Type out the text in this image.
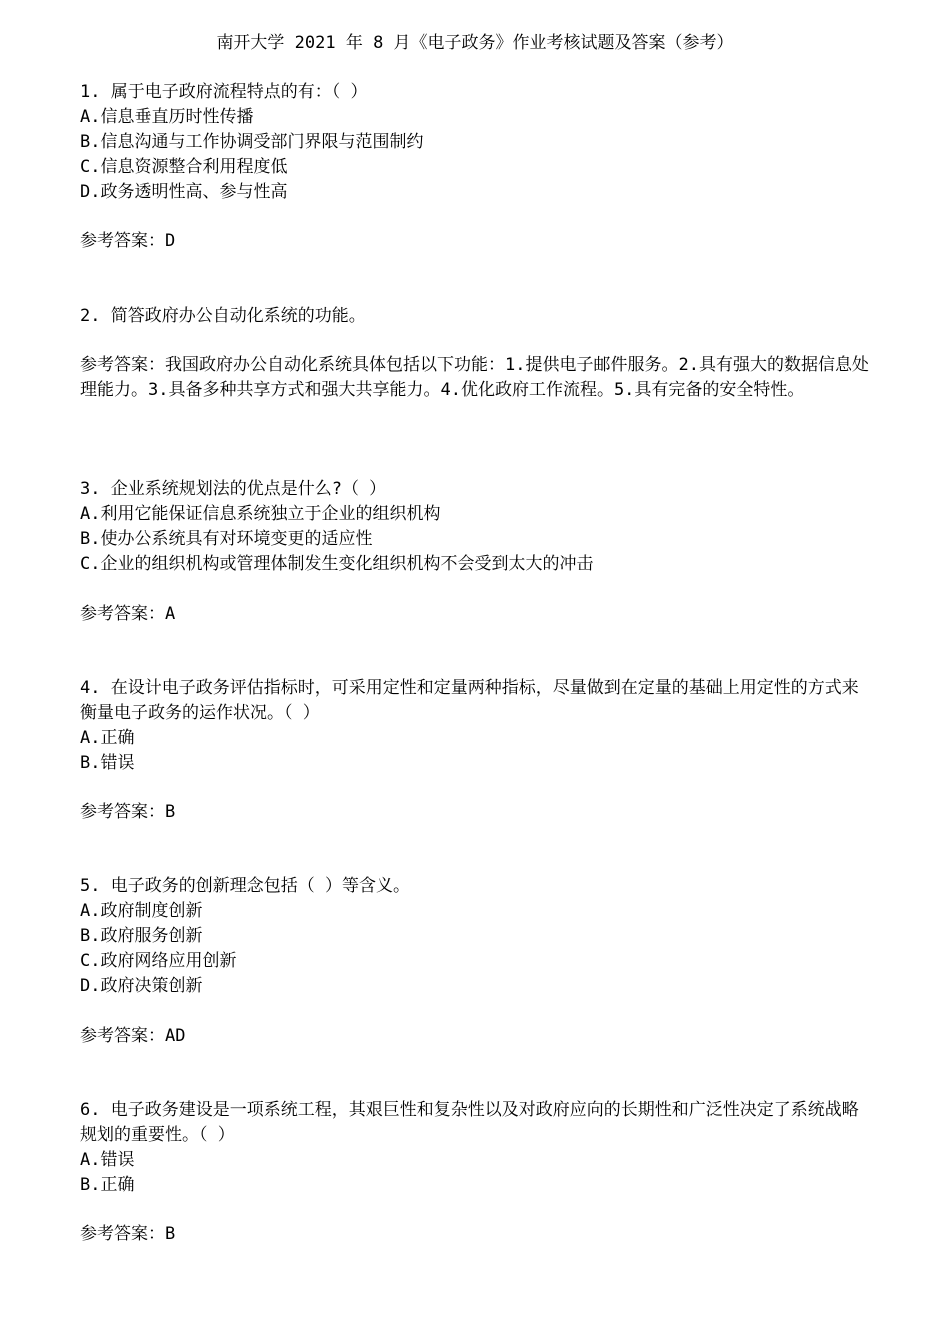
南开大学 2021 年 8 月《电子政务》作业考核试题及答案（参考）
1. 属于电子政府流程特点的有：（ ）
A.信息垂直历时性传播
B.信息沟通与工作协调受部门界限与范围制约
C.信息资源整合利用程度低
D.政务透明性高、参与性高
参考答案：D
2. 简答政府办公自动化系统的功能。
参考答案：我国政府办公自动化系统具体包括以下功能：1.提供电子邮件服务。2.具有强大的数据信息处理能力。3.具备多种共享方式和强大共享能力。4.优化政府工作流程。5.具有完备的安全特性。
3. 企业系统规划法的优点是什么?（ ）
A.利用它能保证信息系统独立于企业的组织机构
B.使办公系统具有对环境变更的适应性
C.企业的组织机构或管理体制发生变化组织机构不会受到太大的冲击
参考答案：A
4. 在设计电子政务评估指标时，可采用定性和定量两种指标，尽量做到在定量的基础上用定性的方式来衡量电子政务的运作状况。（ ）
A.正确
B.错误
参考答案：B
5. 电子政务的创新理念包括（ ）等含义。
A.政府制度创新
B.政府服务创新
C.政府网络应用创新
D.政府决策创新
参考答案：AD
6. 电子政务建设是一项系统工程，其艰巨性和复杂性以及对政府应向的长期性和广泛性决定了系统战略规划的重要性。（ ）
A.错误
B.正确
参考答案：B
